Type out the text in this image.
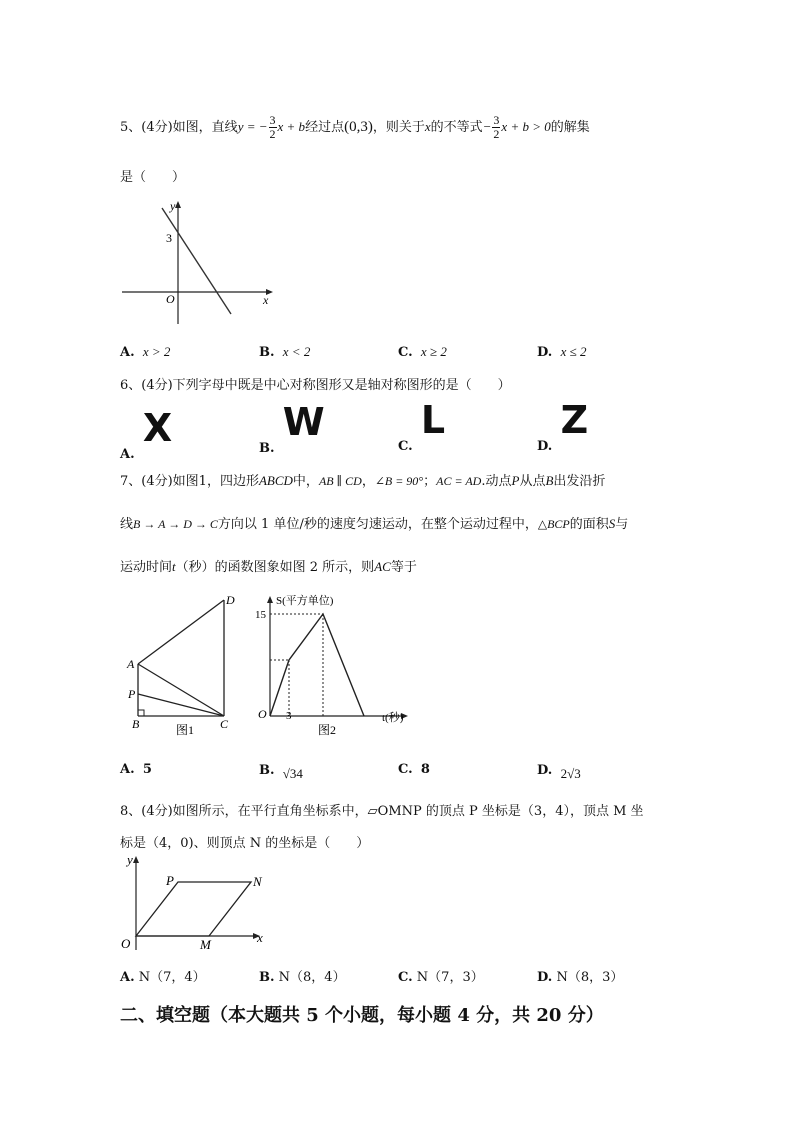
5、(4分)如图，直线y = − $\frac{3}{2}$ x + b经过点(0,3)，则关于x的不等式− $\frac{3}{2}$ x + b > 0的解集
是（　　）
y
x
O
3
A. x > 2	B. x < 2	C. x ≥ 2	D. x ≤ 2
6、(4分)下列字母中既是中心对称图形又是轴对称图形的是（　　）
A.  X	B.  W
C.  L
D.  Z
7、(4分)如图1，四边形ABCD中，AB ∥ CD，∠B = 90°；AC = AD.动点P从点B出发沿折
线B → A → D → C方向以 1 单位/秒的速度匀速运动，在整个运动过程中，△BCP的面积S与
运动时间t（秒）的函数图象如图 2 所示，则AC等于
D
A
P
B	C
图1
S(平方单位)
15
O 3	t(秒)
图2
A. 5	B. √34	C. 8	D. 2√3
8、(4分)如图所示，在平行直角坐标系中，▱OMNP 的顶点 P 坐标是（3，4），顶点 M 坐
标是（4，0)、则顶点 N 的坐标是（　　）
y
x
O
P	N
M
A. N（7，4）	B. N（8，4）	C. N（7，3）	D. N（8，3）
二、填空题（本大题共 5 个小题，每小题 4 分，共 20 分）
